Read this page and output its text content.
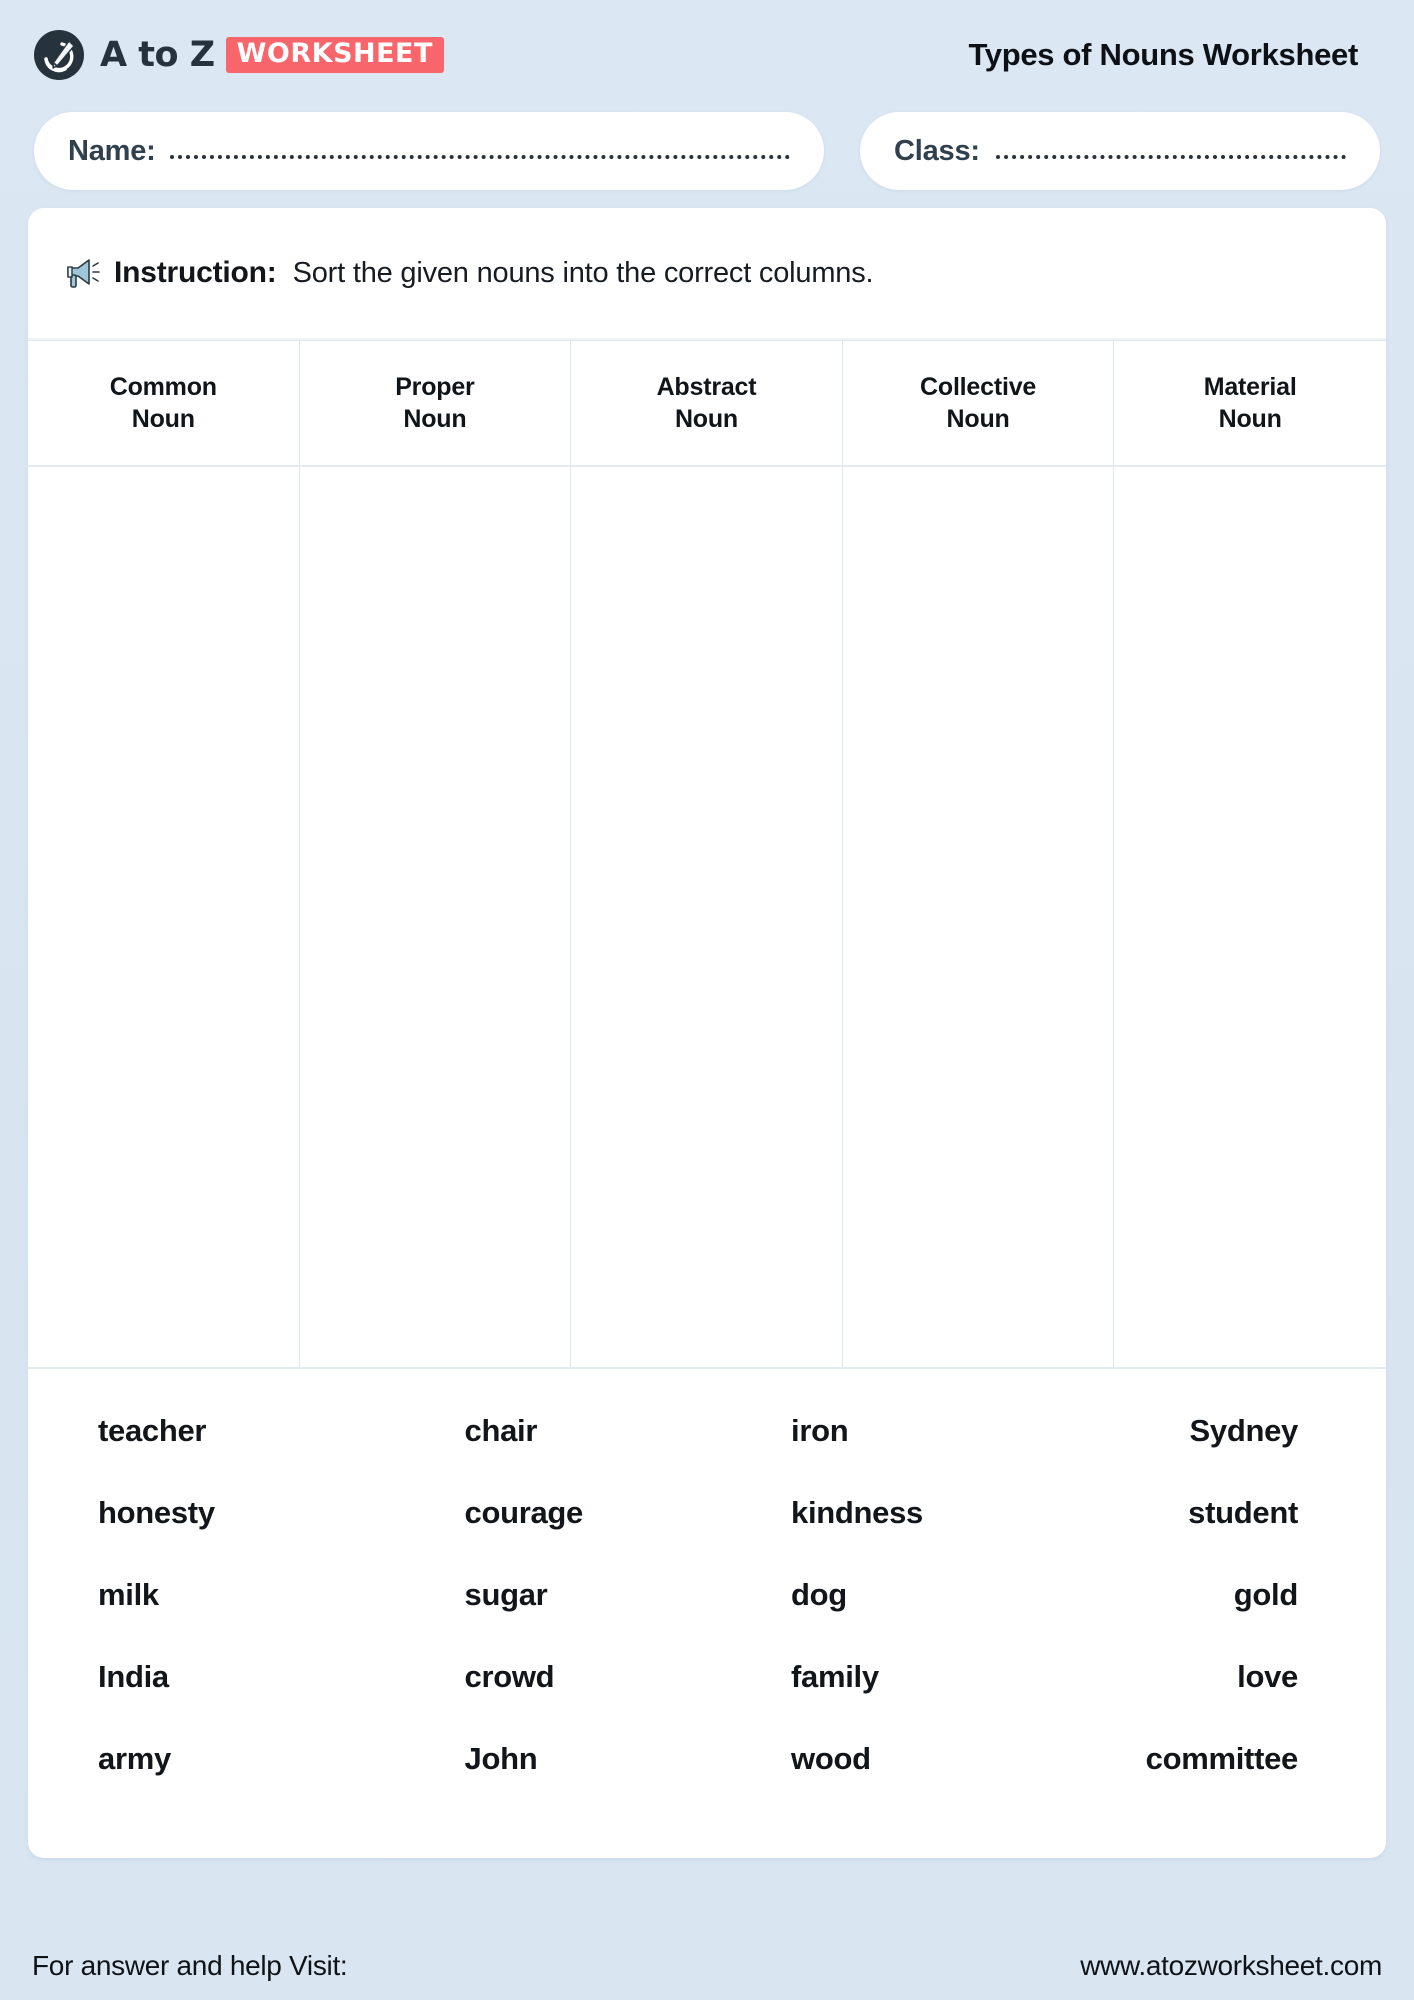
A to Z WORKSHEET	Types of Nouns Worksheet
Name:	Class:
Instruction: Sort the given nouns into the correct columns.
Common
Noun
Proper
Noun
Abstract
Noun
Collective
Noun
Material
Noun
teacher	chair	iron	Sydney
honesty	courage	kindness	student
milk	sugar	dog	gold
India	crowd	family	love
army	John	wood	committee
For answer and help Visit:	www.atozworksheet.com
